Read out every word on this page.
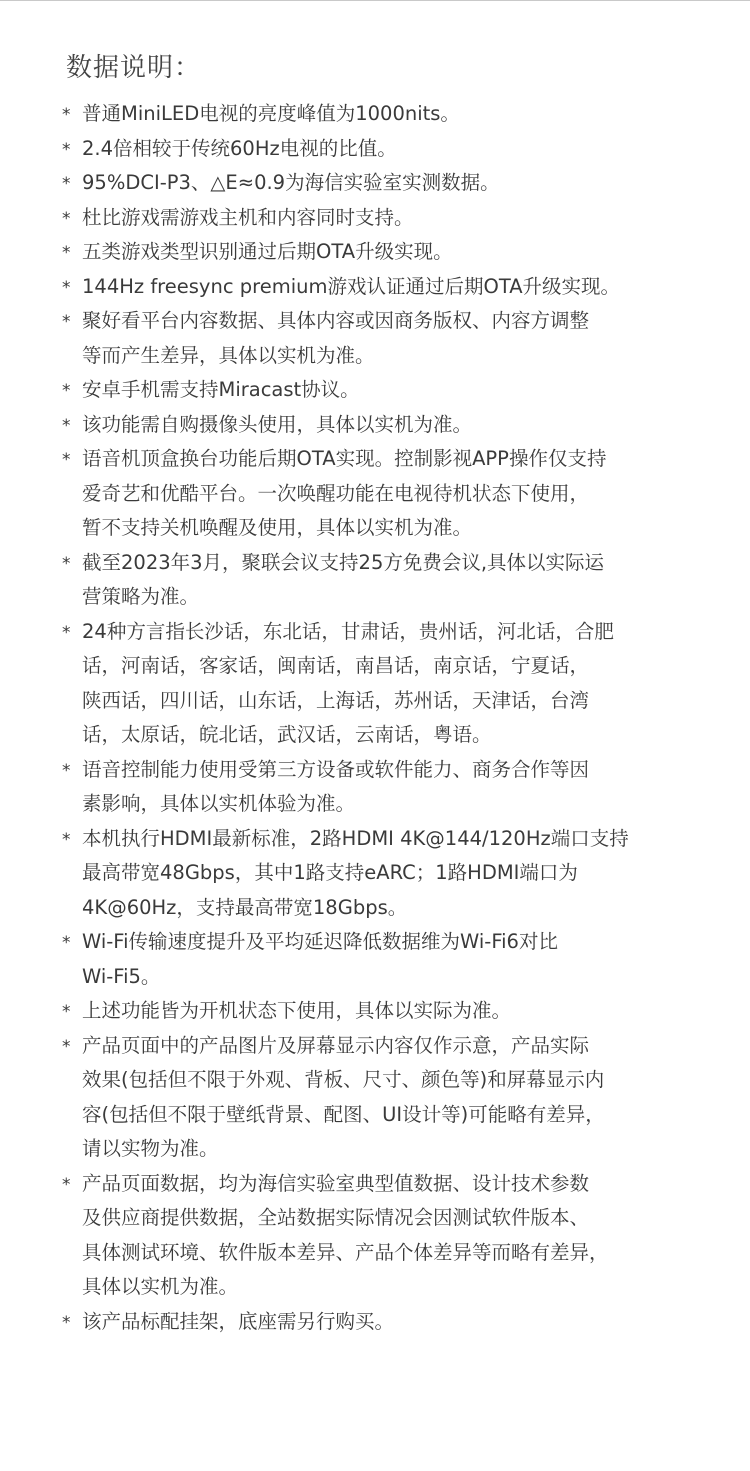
数据说明：
* 普通MiniLED电视的亮度峰值为1000nits。
* 2.4倍相较于传统60Hz电视的比值。
* 95%DCI-P3、△E≈0.9为海信实验室实测数据。
* 杜比游戏需游戏主机和内容同时支持。
* 五类游戏类型识别通过后期OTA升级实现。
* 144Hz freesync premium游戏认证通过后期OTA升级实现。
* 聚好看平台内容数据、具体内容或因商务版权、内容方调整
等而产生差异，具体以实机为准。
* 安卓手机需支持Miracast协议。
* 该功能需自购摄像头使用，具体以实机为准。
* 语音机顶盒换台功能后期OTA实现。控制影视APP操作仅支持
爱奇艺和优酷平台。一次唤醒功能在电视待机状态下使用，
暂不支持关机唤醒及使用，具体以实机为准。
* 截至2023年3月，聚联会议支持25方免费会议,具体以实际运
营策略为准。
* 24种方言指长沙话，东北话，甘肃话，贵州话，河北话，合肥
话，河南话，客家话，闽南话，南昌话，南京话，宁夏话，
陕西话，四川话，山东话，上海话，苏州话，天津话，台湾
话，太原话，皖北话，武汉话，云南话，粤语。
* 语音控制能力使用受第三方设备或软件能力、商务合作等因
素影响，具体以实机体验为准。
* 本机执行HDMI最新标准，2路HDMI 4K@144/120Hz端口支持
最高带宽48Gbps，其中1路支持eARC；1路HDMI端口为
4K@60Hz，支持最高带宽18Gbps。
* Wi-Fi传输速度提升及平均延迟降低数据维为Wi-Fi6对比
Wi-Fi5。
* 上述功能皆为开机状态下使用，具体以实际为准。
* 产品页面中的产品图片及屏幕显示内容仅作示意，产品实际
效果(包括但不限于外观、背板、尺寸、颜色等)和屏幕显示内
容(包括但不限于壁纸背景、配图、UI设计等)可能略有差异，
请以实物为准。
* 产品页面数据，均为海信实验室典型值数据、设计技术参数
及供应商提供数据，全站数据实际情况会因测试软件版本、
具体测试环境、软件版本差异、产品个体差异等而略有差异，
具体以实机为准。
* 该产品标配挂架，底座需另行购买。
